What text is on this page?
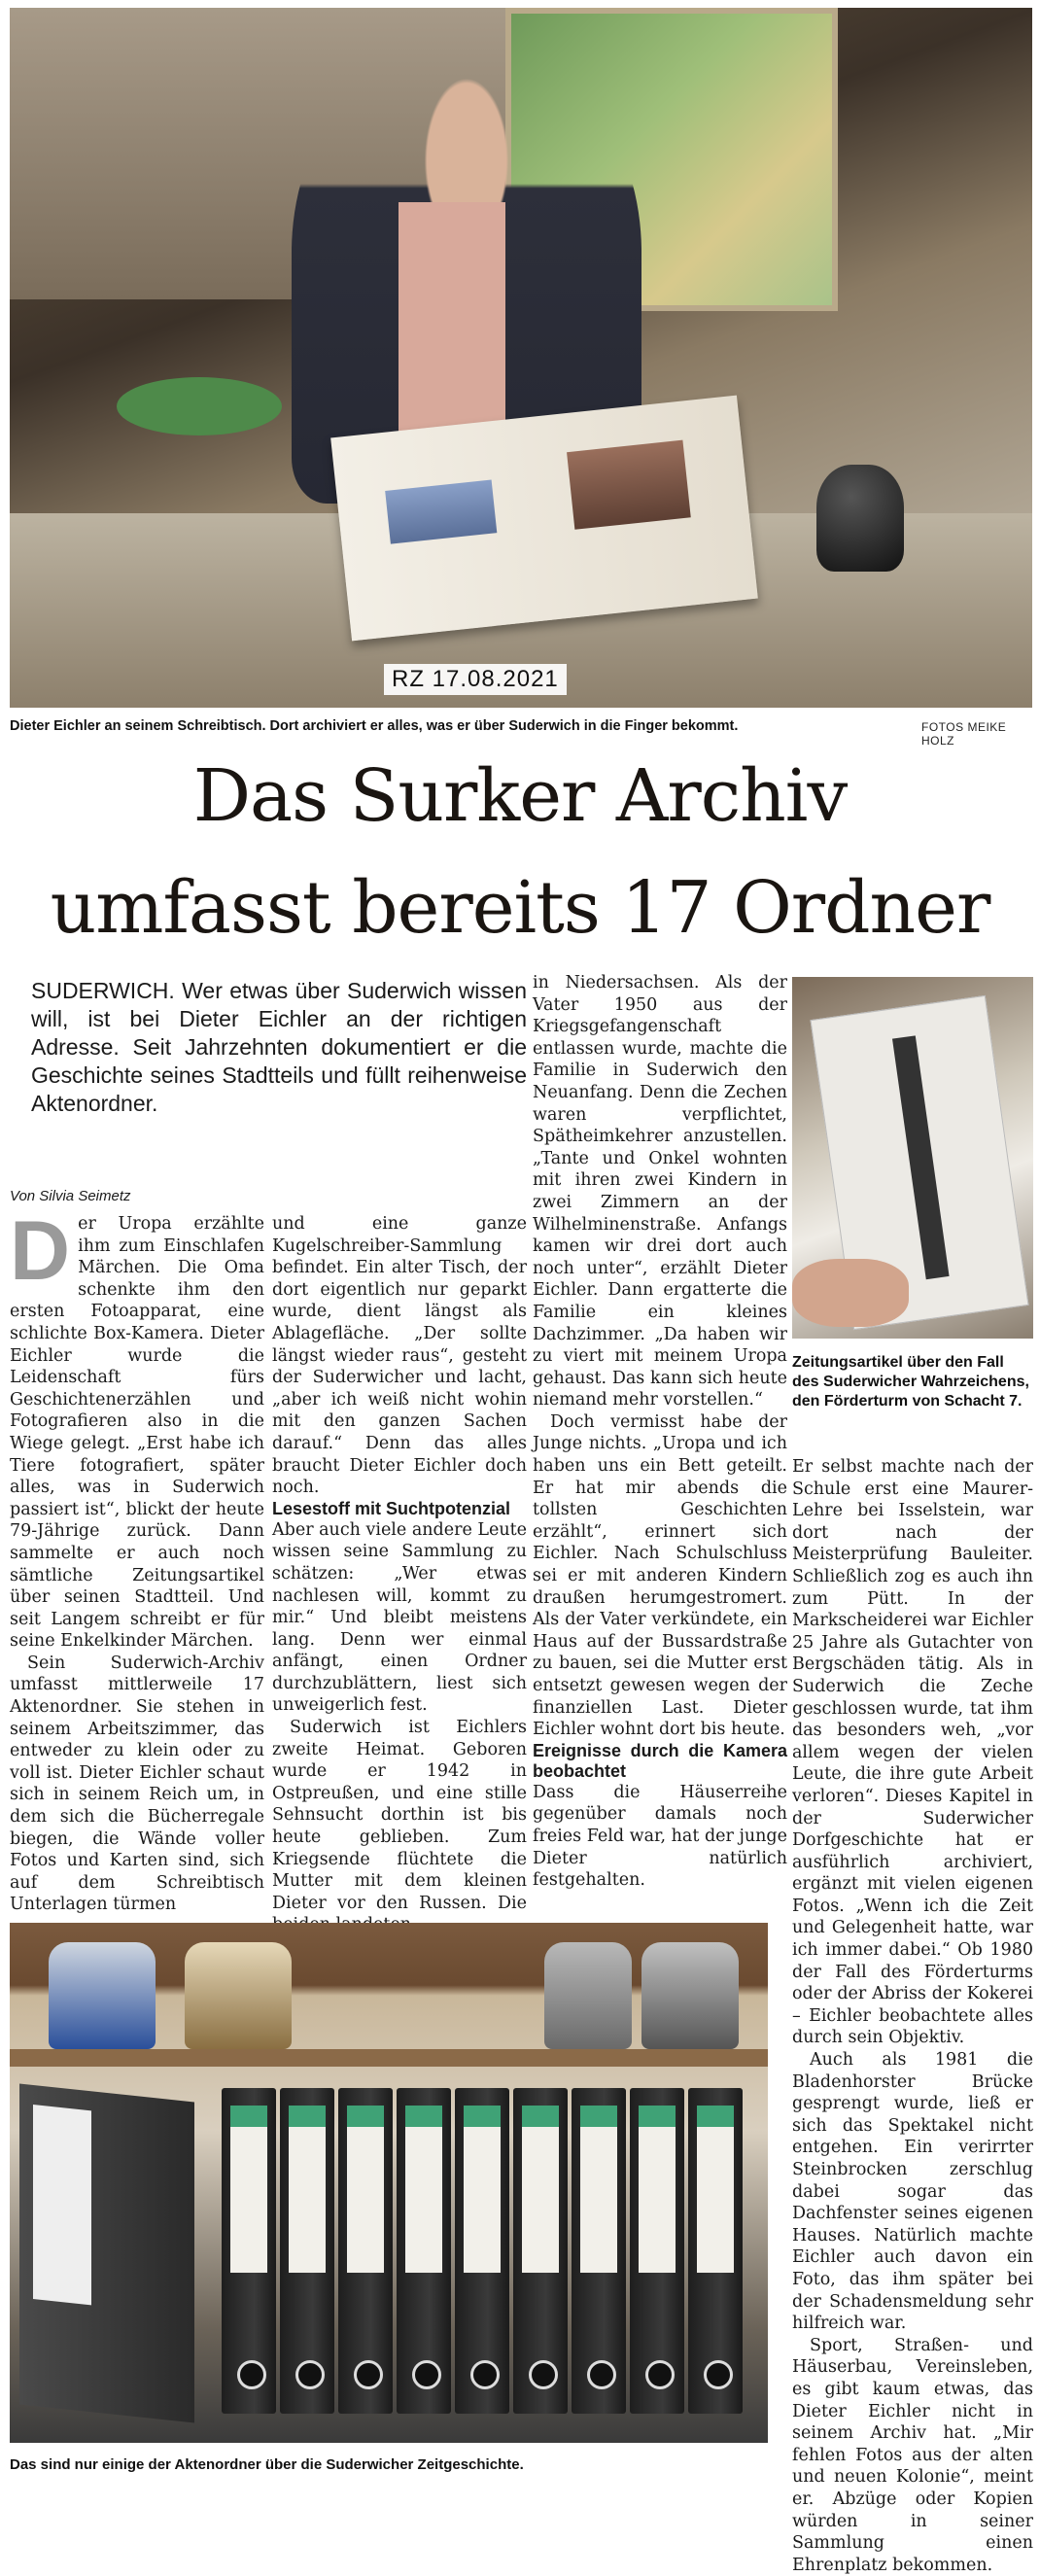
RZ 17.08.2021
Dieter Eichler an seinem Schreibtisch. Dort archiviert er alles, was er über Suderwich in die Finger bekommt.	FOTOS MEIKE HOLZ
Das Surker Archiv
umfasst bereits 17 Ordner
SUDERWICH. Wer etwas über Suderwich wissen will, ist bei Dieter Eichler an der richtigen Adresse. Seit Jahrzehnten dokumentiert er die Geschichte seines Stadtteils und füllt reihenweise Aktenordner.
Von Silvia Seimetz

Der Uropa erzählte ihm zum Einschlafen Märchen. Die Oma schenkte ihm den ersten Fotoapparat, eine schlichte Box-Kamera. Dieter Eichler wurde die Leidenschaft fürs Geschichtenerzählen und Fotografieren also in die Wiege gelegt. „Erst habe ich Tiere fotografiert, später alles, was in Suderwich passiert ist“, blickt der heute 79-Jährige zurück. Dann sammelte er auch noch sämtliche Zeitungsartikel über seinen Stadtteil. Und seit Langem schreibt er für seine Enkelkinder Märchen.

Sein Suderwich-Archiv umfasst mittlerweile 17 Aktenordner. Sie stehen in seinem Arbeitszimmer, das entweder zu klein oder zu voll ist. Dieter Eichler schaut sich in seinem Reich um, in dem sich die Bücherregale biegen, die Wände voller Fotos und Karten sind, sich auf dem Schreibtisch Unterlagen türmen

und eine ganze Kugelschreiber-Sammlung befindet. Ein alter Tisch, der dort eigentlich nur geparkt wurde, dient längst als Ablagefläche. „Der sollte längst wieder raus“, gesteht der Suderwicher und lacht, „aber ich weiß nicht wohin mit den ganzen Sachen darauf.“ Denn das alles braucht Dieter Eichler doch noch.

Lesestoff mit Suchtpotenzial

Aber auch viele andere Leute wissen seine Sammlung zu schätzen: „Wer etwas nachlesen will, kommt zu mir.“ Und bleibt meistens lang. Denn wer einmal anfängt, einen Ordner durchzublättern, liest sich unweigerlich fest.

Suderwich ist Eichlers zweite Heimat. Geboren wurde er 1942 in Ostpreußen, und eine stille Sehnsucht dorthin ist bis heute geblieben. Zum Kriegsende flüchtete die Mutter mit dem kleinen Dieter vor den Russen. Die

in Niedersachsen. Als der Vater 1950 aus der Kriegsgefangenschaft entlassen wurde, machte die Familie in Suderwich den Neuanfang. Denn die Zechen waren verpflichtet, Spätheimkehrer anzustellen. „Tante und Onkel wohnten mit ihren zwei Kindern in zwei Zimmern an der Wilhelminenstraße. Anfangs kamen wir drei dort auch noch unter“, erzählt Dieter Eichler. Dann ergatterte die Familie ein kleines Dachzimmer. „Da haben wir zu viert mit meinem Uropa gehaust. Das kann sich heute niemand mehr vorstellen.“

Doch vermisst habe der Junge nichts. „Uropa und ich haben uns ein Bett geteilt. Er hat mir abends die tollsten Geschichten erzählt“, erinnert sich Eichler. Nach Schulschluss sei er mit anderen Kindern draußen herumgestromert. Als der Vater verkündete, ein Haus auf der Bussardstraße zu bauen, sei die Mutter erst entsetzt gewesen wegen der finanziellen Last. Dieter Eichler wohnt dort bis heute.

Ereignisse durch die Kamera beobachtet

Dass die Häuserreihe gegenüber damals noch freies Feld war, hat der junge Dieter natürlich festgehalten.

Zeitungsartikel über den Fall des Suderwicher Wahrzeichens, den Förderturm von Schacht 7.

Er selbst machte nach der Schule erst eine Maurer-Lehre bei Isselstein, war dort nach der Meisterprüfung Bauleiter. Schließlich zog es auch ihn zum Pütt. In der Markscheiderei war Eichler 25 Jahre als Gutachter von Bergschäden tätig. Als in Suderwich die Zeche geschlossen wurde, tat ihm das besonders weh, „vor allem wegen der vielen Leute, die ihre gute Arbeit verloren“. Dieses Kapitel in der Suderwicher Dorfgeschichte hat er ausführlich archiviert, ergänzt mit vielen eigenen Fotos. „Wenn ich die Zeit und Gelegenheit hatte, war ich immer dabei.“ Ob 1980 der Fall des Förderturms oder der Abriss der Kokerei – Eichler beobachtete alles durch sein Objektiv.

Auch als 1981 die Bladenhorster Brücke gesprengt wurde, ließ er sich das Spektakel nicht entgehen. Ein verirrter Steinbrocken zerschlug dabei sogar das Dachfenster seines eigenen Hauses. Natürlich machte Eichler auch davon ein Foto, das ihm später bei der Schadensmeldung sehr hilfreich war.

Sport, Straßen- und Häuserbau, Vereinsleben, es gibt kaum etwas, das Dieter Eichler nicht in seinem Archiv hat. „Mir fehlen Fotos aus der alten und neuen Kolonie“, meint er. Abzüge oder Kopien würden in seiner Sammlung einen Ehrenplatz bekommen.

Das sind nur einige der Aktenordner über die Suderwicher Zeitgeschichte.
